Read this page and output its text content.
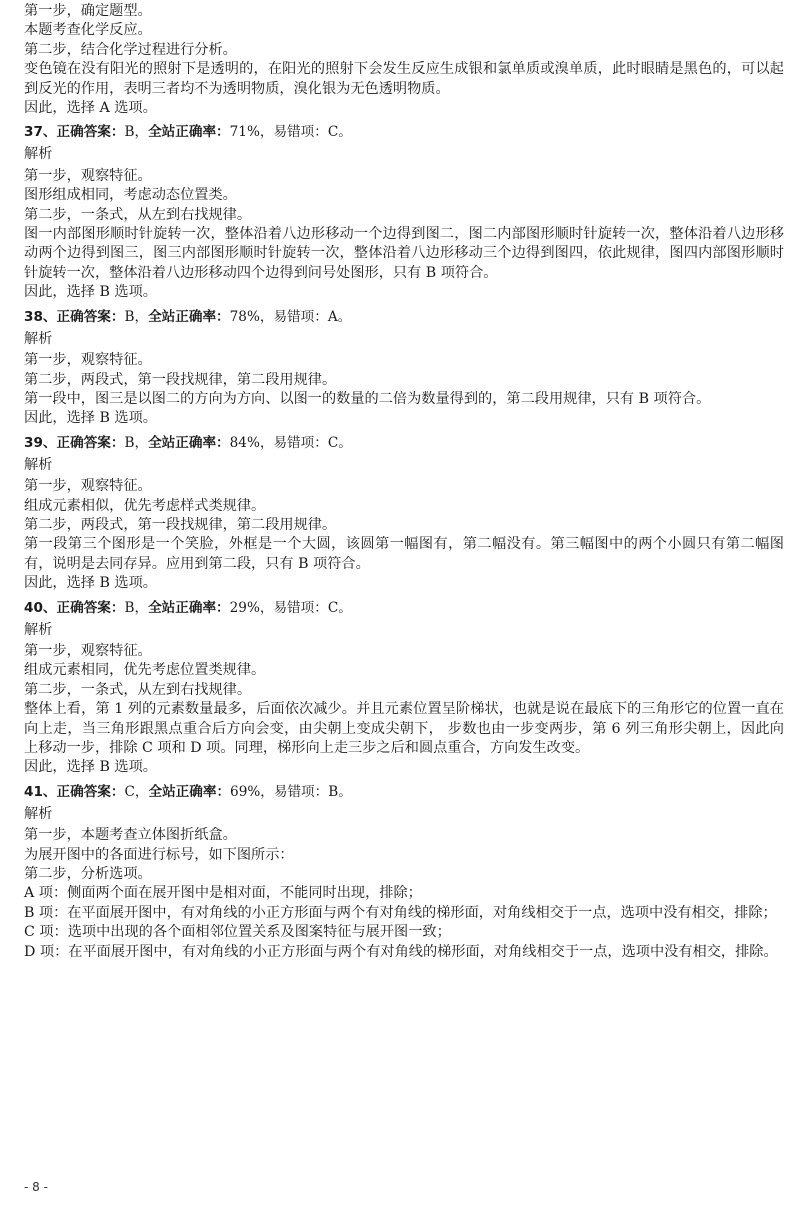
第一步，确定题型。

本题考查化学反应。

第二步，结合化学过程进行分析。

变色镜在没有阳光的照射下是透明的，在阳光的照射下会发生反应生成银和氯单质或溴单质，此时眼睛是黑色的，可以起到反光的作用，表明三者均不为透明物质，溴化银为无色透明物质。

因此，选择 A 选项。

37、正确答案：B，全站正确率：71%，易错项：C。

解析

第一步，观察特征。

图形组成相同，考虑动态位置类。

第二步，一条式，从左到右找规律。

图一内部图形顺时针旋转一次，整体沿着八边形移动一个边得到图二，图二内部图形顺时针旋转一次，整体沿着八边形移动两个边得到图三，图三内部图形顺时针旋转一次，整体沿着八边形移动三个边得到图四，依此规律，图四内部图形顺时针旋转一次，整体沿着八边形移动四个边得到问号处图形，只有 B 项符合。

因此，选择 B 选项。

38、正确答案：B，全站正确率：78%，易错项：A。

解析

第一步，观察特征。

第二步，两段式，第一段找规律，第二段用规律。

第一段中，图三是以图二的方向为方向、以图一的数量的二倍为数量得到的，第二段用规律，只有 B 项符合。

因此，选择 B 选项。

39、正确答案：B，全站正确率：84%，易错项：C。

解析

第一步，观察特征。

组成元素相似，优先考虑样式类规律。

第二步，两段式，第一段找规律，第二段用规律。

第一段第三个图形是一个笑脸，外框是一个大圆，该圆第一幅图有，第二幅没有。第三幅图中的两个小圆只有第二幅图有，说明是去同存异。应用到第二段，只有 B 项符合。

因此，选择 B 选项。

40、正确答案：B，全站正确率：29%，易错项：C。

解析

第一步，观察特征。

组成元素相同，优先考虑位置类规律。

第二步，一条式，从左到右找规律。

整体上看，第 1 列的元素数量最多，后面依次减少。并且元素位置呈阶梯状，也就是说在最底下的三角形它的位置一直在向上走，当三角形跟黑点重合后方向会变，由尖朝上变成尖朝下， 步数也由一步变两步，第 6 列三角形尖朝上，因此向上移动一步，排除 C 项和 D 项。同理，梯形向上走三步之后和圆点重合，方向发生改变。

因此，选择 B 选项。

41、正确答案：C，全站正确率：69%，易错项：B。

解析

第一步，本题考查立体图折纸盒。

为展开图中的各面进行标号，如下图所示：

第二步，分析选项。

A 项：侧面两个面在展开图中是相对面，不能同时出现，排除；

B 项：在平面展开图中，有对角线的小正方形面与两个有对角线的梯形面，对角线相交于一点，选项中没有相交，排除；

C 项：选项中出现的各个面相邻位置关系及图案特征与展开图一致；

D 项：在平面展开图中，有对角线的小正方形面与两个有对角线的梯形面，对角线相交于一点，选项中没有相交，排除。

- 8 -
